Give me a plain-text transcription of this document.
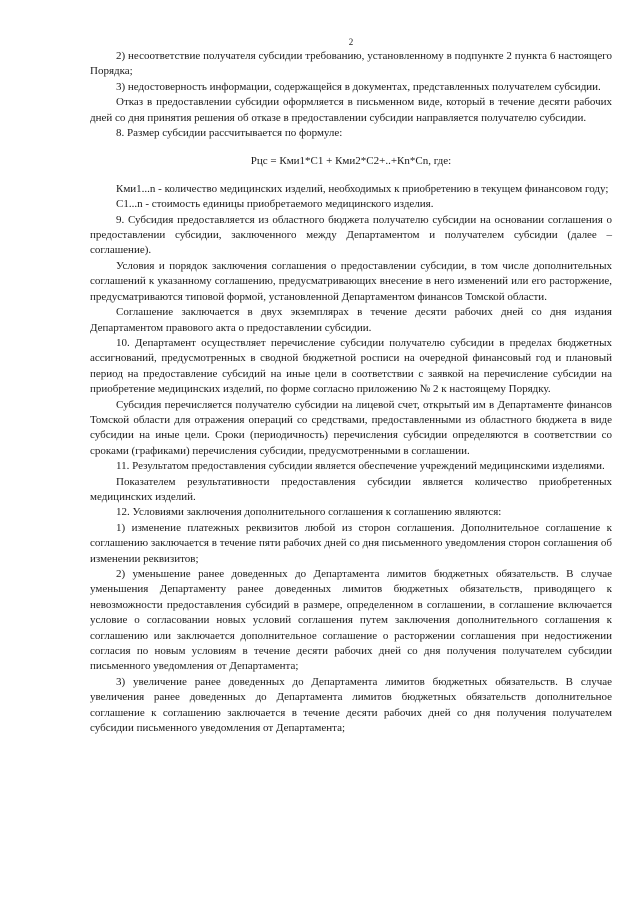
2

2) несоответствие получателя субсидии требованию, установленному в подпункте 2 пункта 6 настоящего Порядка;

3) недостоверность информации, содержащейся в документах, представленных получателем субсидии.

Отказ в предоставлении субсидии оформляется в письменном виде, который в течение десяти рабочих дней со дня принятия решения об отказе в предоставлении субсидии направляется получателю субсидии.

8. Размер субсидии рассчитывается по формуле:

Рцс = Кми1*С1 + Кми2*С2+..+Кn*Сn, где:

Кми1...n - количество медицинских изделий, необходимых к приобретению в текущем финансовом году;

С1...n - стоимость единицы приобретаемого медицинского изделия.

9. Субсидия предоставляется из областного бюджета получателю субсидии на основании соглашения о предоставлении субсидии, заключенного между Департаментом и получателем субсидии (далее – соглашение).

Условия и порядок заключения соглашения о предоставлении субсидии, в том числе дополнительных соглашений к указанному соглашению, предусматривающих внесение в него изменений или его расторжение, предусматриваются типовой формой, установленной Департаментом финансов Томской области.

Соглашение заключается в двух экземплярах в течение десяти рабочих дней со дня издания Департаментом правового акта о предоставлении субсидии.

10. Департамент осуществляет перечисление субсидии получателю субсидии в пределах бюджетных ассигнований, предусмотренных в сводной бюджетной росписи на очередной финансовый год и плановый период на предоставление субсидий на иные цели в соответствии с заявкой на перечисление субсидии на приобретение медицинских изделий, по форме согласно приложению № 2 к настоящему Порядку.

Субсидия перечисляется получателю субсидии на лицевой счет, открытый им в Департаменте финансов Томской области для отражения операций со средствами, предоставленными из областного бюджета в виде субсидии на иные цели. Сроки (периодичность) перечисления субсидии определяются в соответствии со сроками (графиками) перечисления субсидии, предусмотренными в соглашении.

11. Результатом предоставления субсидии является обеспечение учреждений медицинскими изделиями.

Показателем результативности предоставления субсидии является количество приобретенных медицинских изделий.

12. Условиями заключения дополнительного соглашения к соглашению являются:

1) изменение платежных реквизитов любой из сторон соглашения. Дополнительное соглашение к соглашению заключается в течение пяти рабочих дней со дня письменного уведомления сторон соглашения об изменении реквизитов;

2) уменьшение ранее доведенных до Департамента лимитов бюджетных обязательств. В случае уменьшения Департаменту ранее доведенных лимитов бюджетных обязательств, приводящего к невозможности предоставления субсидий в размере, определенном в соглашении, в соглашение включается условие о согласовании новых условий соглашения путем заключения дополнительного соглашения к соглашению или заключается дополнительное соглашение о расторжении соглашения при недостижении согласия по новым условиям в течение десяти рабочих дней со дня получения получателем субсидии письменного уведомления от Департамента;

3) увеличение ранее доведенных до Департамента лимитов бюджетных обязательств. В случае увеличения ранее доведенных до Департамента лимитов бюджетных обязательств дополнительное соглашение к соглашению заключается в течение десяти рабочих дней со дня получения получателем субсидии письменного уведомления от Департамента;
